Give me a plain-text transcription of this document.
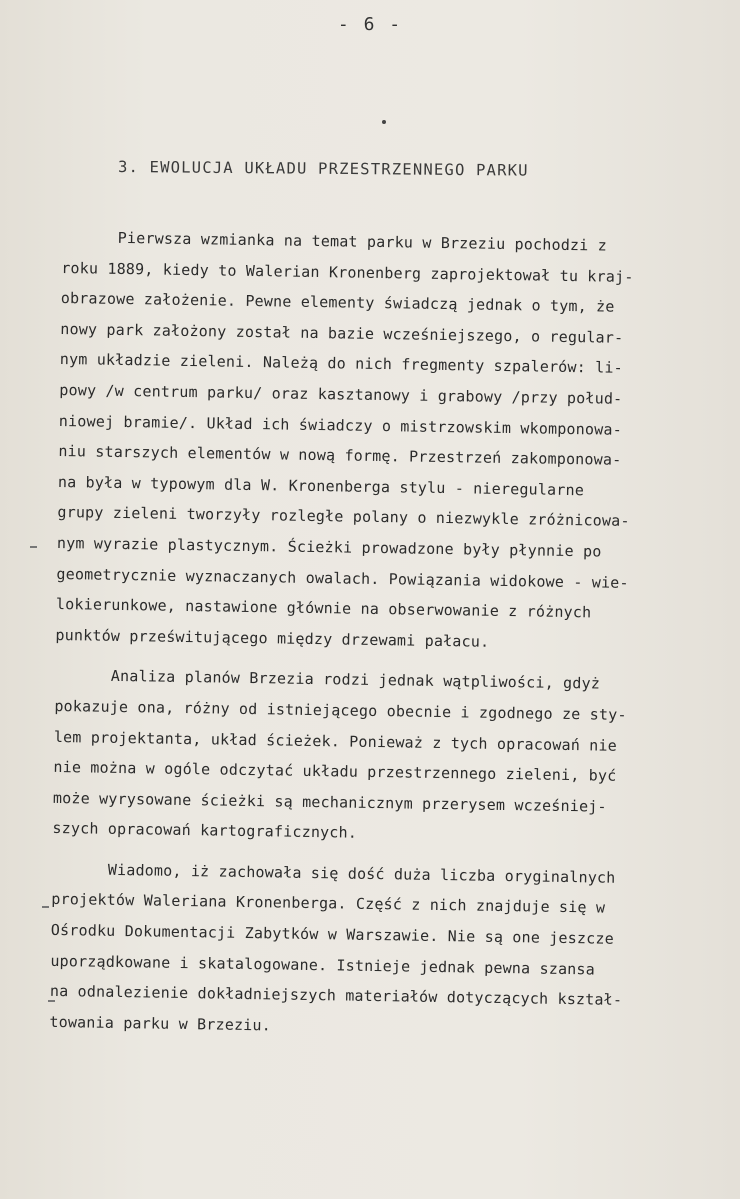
- 6 -
3. EWOLUCJA UKŁADU PRZESTRZENNEGO PARKU
Pierwsza wzmianka na temat parku w Brzeziu pochodzi z
roku 1889, kiedy to Walerian Kronenberg zaprojektował tu kraj-
obrazowe założenie. Pewne elementy świadczą jednak o tym, że
nowy park założony został na bazie wcześniejszego, o regular-
nym układzie zieleni. Należą do nich fregmenty szpalerów: li-
powy /w centrum parku/ oraz kasztanowy i grabowy /przy połud-
niowej bramie/. Układ ich świadczy o mistrzowskim wkomponowa-
niu starszych elementów w nową formę. Przestrzeń zakomponowa-
na była w typowym dla W. Kronenberga stylu - nieregularne
grupy zieleni tworzyły rozległe polany o niezwykle zróżnicowa-
nym wyrazie plastycznym. Ścieżki prowadzone były płynnie po
geometrycznie wyznaczanych owalach. Powiązania widokowe - wie-
lokierunkowe, nastawione głównie na obserwowanie z różnych
punktów prześwitującego między drzewami pałacu.
Analiza planów Brzezia rodzi jednak wątpliwości, gdyż
pokazuje ona, różny od istniejącego obecnie i zgodnego ze sty-
lem projektanta, układ ścieżek. Ponieważ z tych opracowań nie
nie można w ogóle odczytać układu przestrzennego zieleni, być
może wyrysowane ścieżki są mechanicznym przerysem wcześniej-
szych opracowań kartograficznych.
Wiadomo, iż zachowała się dość duża liczba oryginalnych
projektów Waleriana Kronenberga. Część z nich znajduje się w
Ośrodku Dokumentacji Zabytków w Warszawie. Nie są one jeszcze
uporządkowane i skatalogowane. Istnieje jednak pewna szansa
na odnalezienie dokładniejszych materiałów dotyczących kształ-
towania parku w Brzeziu.
